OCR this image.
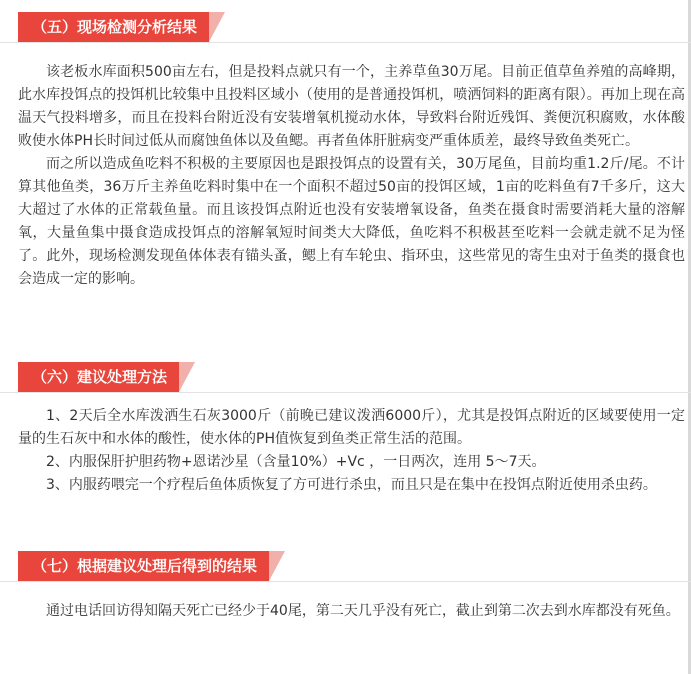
（五）现场检测分析结果

该老板水库面积500亩左右，但是投料点就只有一个，主养草鱼30万尾。目前正值草鱼养殖的高峰期，此水库投饵点的投饵机比较集中且投料区域小（使用的是普通投饵机，喷洒饲料的距离有限）。再加上现在高温天气投料增多，而且在投料台附近没有安装增氧机搅动水体，导致料台附近残饵、粪便沉积腐败，水体酸败使水体PH长时间过低从而腐蚀鱼体以及鱼鳃。再者鱼体肝脏病变严重体质差，最终导致鱼类死亡。

而之所以造成鱼吃料不积极的主要原因也是跟投饵点的设置有关，30万尾鱼，目前均重1.2斤/尾。不计算其他鱼类，36万斤主养鱼吃料时集中在一个面积不超过50亩的投饵区域，1亩的吃料鱼有7千多斤，这大大超过了水体的正常载鱼量。而且该投饵点附近也没有安装增氧设备，鱼类在摄食时需要消耗大量的溶解氧，大量鱼集中摄食造成投饵点的溶解氧短时间类大大降低，鱼吃料不积极甚至吃料一会就走就不足为怪了。此外，现场检测发现鱼体体表有锚头蚤，鳃上有车轮虫、指环虫，这些常见的寄生虫对于鱼类的摄食也会造成一定的影响。

（六）建议处理方法

1、2天后全水库泼洒生石灰3000斤（前晚已建议泼洒6000斤），尤其是投饵点附近的区域要使用一定量的生石灰中和水体的酸性，使水体的PH值恢复到鱼类正常生活的范围。

2、内服保肝护胆药物+恩诺沙星（含量10%）+Vc ，一日两次，连用 5～7天。

3、内服药喂完一个疗程后鱼体质恢复了方可进行杀虫，而且只是在集中在投饵点附近使用杀虫药。

（七）根据建议处理后得到的结果

通过电话回访得知隔天死亡已经少于40尾，第二天几乎没有死亡，截止到第二次去到水库都没有死鱼。
